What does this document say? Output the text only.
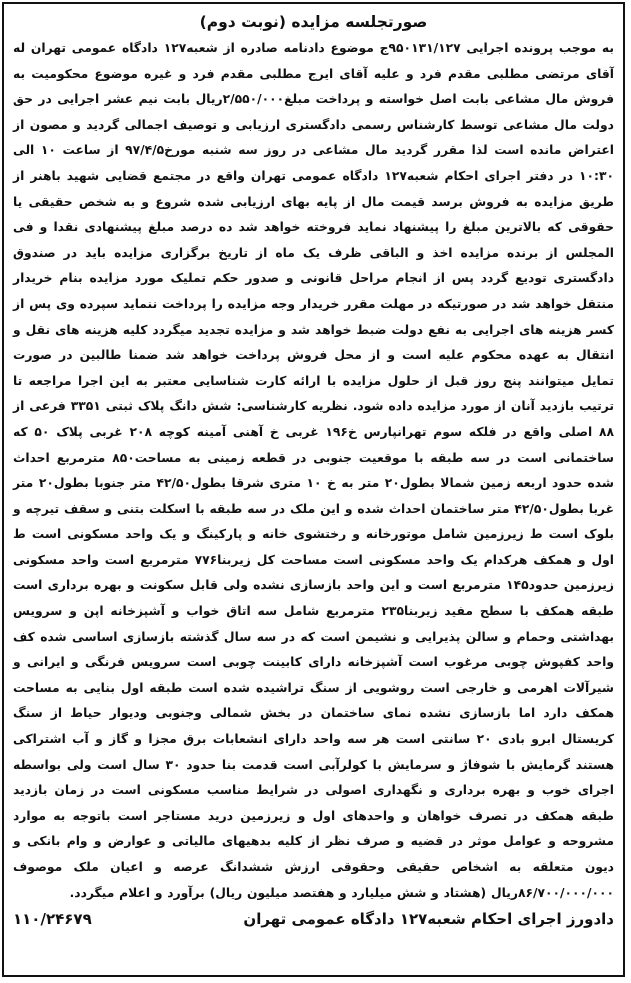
صورتجلسه مزایده (نوبت دوم)

به موجب پرونده اجرایی ۹۵۰۱۳۱/۱۲۷ج موضوع دادنامه صادره از شعبه۱۲۷ دادگاه عمومی تهران له آقای مرتضی مطلبی مقدم فرد و علیه آقای ایرج مطلبی مقدم فرد و غیره موضوع محکومیت به فروش مال مشاعی بابت اصل خواسته و پرداخت مبلغ۲/۵۵۰/۰۰۰ریال بابت نیم عشر اجرایی در حق دولت مال مشاعی توسط کارشناس رسمی دادگستری ارزیابی و توصیف اجمالی گردید و مصون از اعتراض مانده است لذا مقرر گردید مال مشاعی در روز سه شنبه مورخ۹۷/۴/۵ از ساعت ۱۰ الی ۱۰:۳۰ در دفتر اجرای احکام شعبه۱۲۷ دادگاه عمومی تهران واقع در مجتمع قضایی شهید باهنر از طریق مزایده به فروش برسد قیمت مال از پایه بهای ارزیابی شده شروع و به شخص حقیقی یا حقوقی که بالاترین مبلغ را پیشنهاد نماید فروخته خواهد شد ده درصد مبلغ پیشنهادی نقدا و فی المجلس از برنده مزایده اخذ و الباقی ظرف یک ماه از تاریخ برگزاری مزایده باید در صندوق دادگستری تودیع گردد پس از انجام مراحل قانونی و صدور حکم تملیک مورد مزایده بنام خریدار منتقل خواهد شد در صورتیکه در مهلت مقرر خریدار وجه مزایده را پرداخت ننماید سپرده وی پس از کسر هزینه های اجرایی به نفع دولت ضبط خواهد شد و مزایده تجدید میگردد کلیه هزینه های نقل و انتقال به عهده محکوم علیه است و از محل فروش پرداخت خواهد شد ضمنا طالبین در صورت تمایل میتوانند پنج روز قبل از حلول مزایده با ارائه کارت شناسایی معتبر به این اجرا مراجعه تا ترتیب بازدید آنان از مورد مزایده داده شود. نظریه کارشناسی: شش دانگ پلاک ثبتی ۳۳۵۱ فرعی از ۸۸ اصلی واقع در فلکه سوم تهرانپارس خ۱۹۶ غربی خ آهنی آمینه کوچه ۲۰۸ غربی پلاک ۵۰ که ساختمانی است در سه طبقه با موقعیت جنوبی در قطعه زمینی به مساحت۸۵۰ مترمربع احداث شده حدود اربعه زمین شمالا بطول۲۰ متر به خ ۱۰ متری شرقا بطول۴۲/۵۰ متر جنوبا بطول۲۰ متر غربا بطول۴۲/۵۰ متر ساختمان احداث شده و این ملک در سه طبقه با اسکلت بتنی و سقف تیرچه و بلوک است ط زیرزمین شامل موتورخانه و رختشوی خانه و پارکینگ و یک واحد مسکونی است ط اول و همکف هرکدام یک واحد مسکونی است مساحت کل زیربنا۷۷۶ مترمربع است واحد مسکونی زیرزمین حدود۱۴۵ مترمربع است و این واحد بازسازی نشده ولی قابل سکونت و بهره برداری است طبقه همکف با سطح مفید زیربنا۲۳۵ مترمربع شامل سه اتاق خواب و آشپزخانه اپن و سرویس بهداشتی وحمام و سالن پذیرایی و نشیمن است که در سه سال گذشته بازسازی اساسی شده کف واحد کفپوش چوبی مرغوب است آشپزخانه دارای کابینت چوبی است سرویس فرنگی و ایرانی و شیرآلات اهرمی و خارجی است روشویی از سنگ تراشیده شده است طبقه اول بنایی به مساحت همکف دارد اما بازسازی نشده نمای ساختمان در بخش شمالی وجنوبی ودیوار حیاط از سنگ کریستال ابرو بادی ۲۰ سانتی است هر سه واحد دارای انشعابات برق مجزا و گاز و آب اشتراکی هستند گرمایش با شوفاژ و سرمایش با کولرآبی است قدمت بنا حدود ۳۰ سال است ولی بواسطه اجرای خوب و بهره برداری و نگهداری اصولی در شرایط مناسب مسکونی است در زمان بازدید طبقه همکف در تصرف خواهان و واحدهای اول و زیرزمین درید مستاجر است باتوجه به موارد مشروحه و عوامل موثر در قضیه و صرف نظر از کلیه بدهیهای مالیاتی و عوارض و وام بانکی و دیون متعلقه به اشخاص حقیقی وحقوقی ارزش ششدانگ عرصه و اعیان ملک موصوف ۸۶/۷۰۰/۰۰۰/۰۰۰ریال (هشتاد و شش میلیارد و هفتصد میلیون ریال) برآورد و اعلام میگردد.

دادورز اجرای احکام شعبه۱۲۷ دادگاه عمومی تهران
۱۱۰/۲۴۶۷۹
